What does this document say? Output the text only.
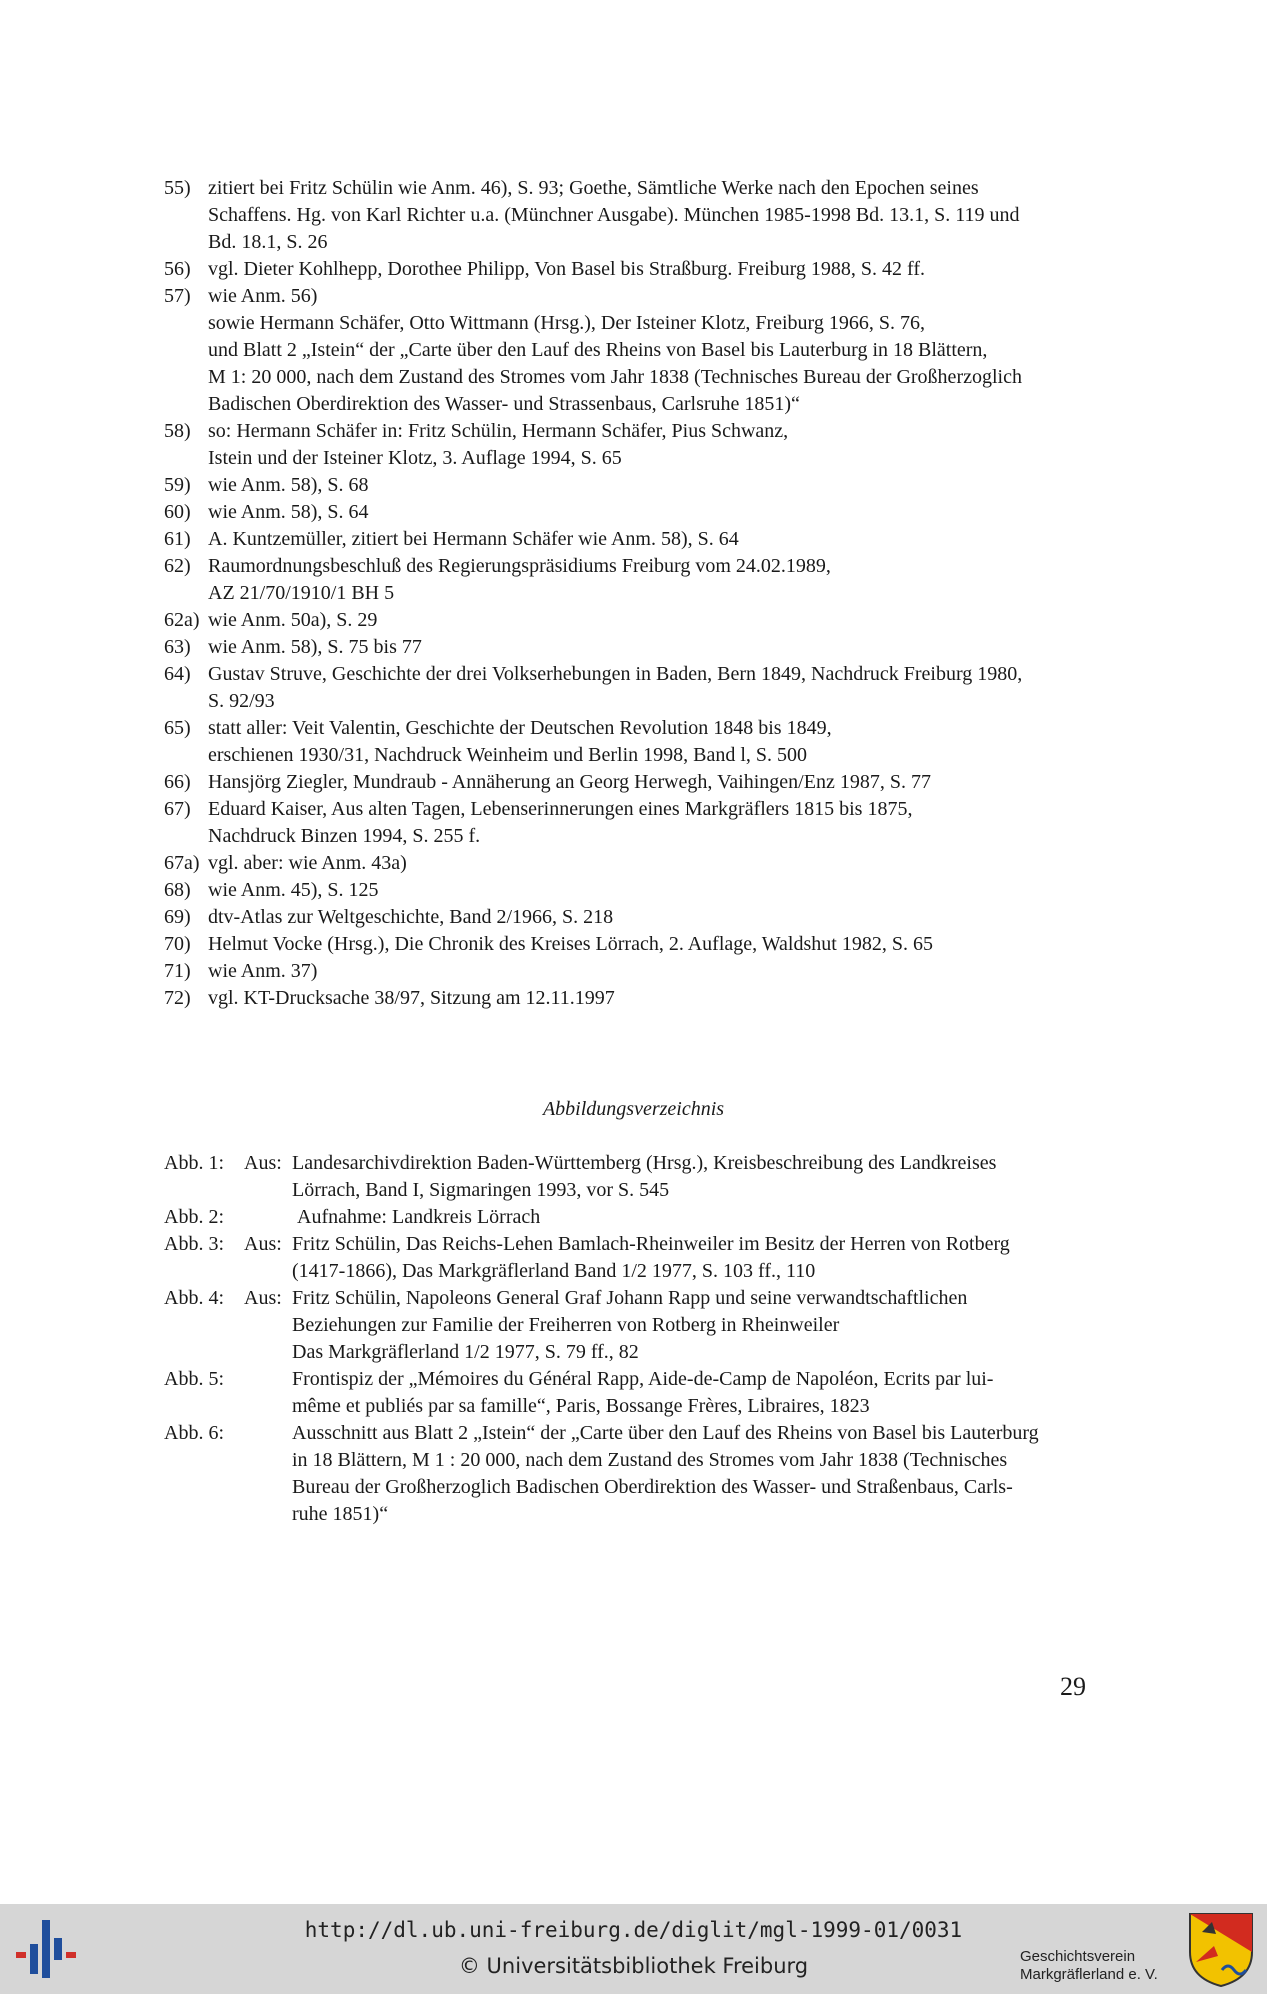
55) zitiert bei Fritz Schülin wie Anm. 46), S. 93; Goethe, Sämtliche Werke nach den Epochen seines
Schaffens. Hg. von Karl Richter u.a. (Münchner Ausgabe). München 1985-1998 Bd. 13.1, S. 119 und
Bd. 18.1, S. 26
56) vgl. Dieter Kohlhepp, Dorothee Philipp, Von Basel bis Straßburg. Freiburg 1988, S. 42 ff.
57) wie Anm. 56)
sowie Hermann Schäfer, Otto Wittmann (Hrsg.), Der Isteiner Klotz, Freiburg 1966, S. 76,
und Blatt 2 „Istein“ der „Carte über den Lauf des Rheins von Basel bis Lauterburg in 18 Blättern,
M 1: 20 000, nach dem Zustand des Stromes vom Jahr 1838 (Technisches Bureau der Großherzoglich
Badischen Oberdirektion des Wasser- und Strassenbaus, Carlsruhe 1851)“
58) so: Hermann Schäfer in: Fritz Schülin, Hermann Schäfer, Pius Schwanz,
Istein und der Isteiner Klotz, 3. Auflage 1994, S. 65
59) wie Anm. 58), S. 68
60) wie Anm. 58), S. 64
61) A. Kuntzemüller, zitiert bei Hermann Schäfer wie Anm. 58), S. 64
62) Raumordnungsbeschluß des Regierungspräsidiums Freiburg vom 24.02.1989,
AZ 21/70/1910/1 BH 5
62a) wie Anm. 50a), S. 29
63) wie Anm. 58), S. 75 bis 77
64) Gustav Struve, Geschichte der drei Volkserhebungen in Baden, Bern 1849, Nachdruck Freiburg 1980,
S. 92/93
65) statt aller: Veit Valentin, Geschichte der Deutschen Revolution 1848 bis 1849,
erschienen 1930/31, Nachdruck Weinheim und Berlin 1998, Band l, S. 500
66) Hansjörg Ziegler, Mundraub - Annäherung an Georg Herwegh, Vaihingen/Enz 1987, S. 77
67) Eduard Kaiser, Aus alten Tagen, Lebenserinnerungen eines Markgräflers 1815 bis 1875,
Nachdruck Binzen 1994, S. 255 f.
67a) vgl. aber: wie Anm. 43a)
68) wie Anm. 45), S. 125
69) dtv-Atlas zur Weltgeschichte, Band 2/1966, S. 218
70) Helmut Vocke (Hrsg.), Die Chronik des Kreises Lörrach, 2. Auflage, Waldshut 1982, S. 65
71) wie Anm. 37)
72) vgl. KT-Drucksache 38/97, Sitzung am 12.11.1997
Abbildungsverzeichnis
Abb. 1: Aus: Landesarchivdirektion Baden-Württemberg (Hrsg.), Kreisbeschreibung des Landkreises
Lörrach, Band I, Sigmaringen 1993, vor S. 545
Abb. 2:	Aufnahme: Landkreis Lörrach
Abb. 3: Aus: Fritz Schülin, Das Reichs-Lehen Bamlach-Rheinweiler im Besitz der Herren von Rotberg
(1417-1866), Das Markgräflerland Band 1/2 1977, S. 103 ff., 110
Abb. 4: Aus: Fritz Schülin, Napoleons General Graf Johann Rapp und seine verwandtschaftlichen
Beziehungen zur Familie der Freiherren von Rotberg in Rheinweiler
Das Markgräflerland 1/2 1977, S. 79 ff., 82
Abb. 5:	Frontispiz der „Mémoires du Général Rapp, Aide-de-Camp de Napoléon, Ecrits par lui-
même et publiés par sa famille“, Paris, Bossange Frères, Libraires, 1823
Abb. 6:	Ausschnitt aus Blatt 2 „Istein“ der „Carte über den Lauf des Rheins von Basel bis Lauterburg
in 18 Blättern, M 1 : 20 000, nach dem Zustand des Stromes vom Jahr 1838 (Technisches
Bureau der Großherzoglich Badischen Oberdirektion des Wasser- und Straßenbaus, Carls-
ruhe 1851)“
29
http://dl.ub.uni-freiburg.de/diglit/mgl-1999-01/0031
© Universitätsbibliothek Freiburg	Geschichtsverein
Markgräflerland e. V.
